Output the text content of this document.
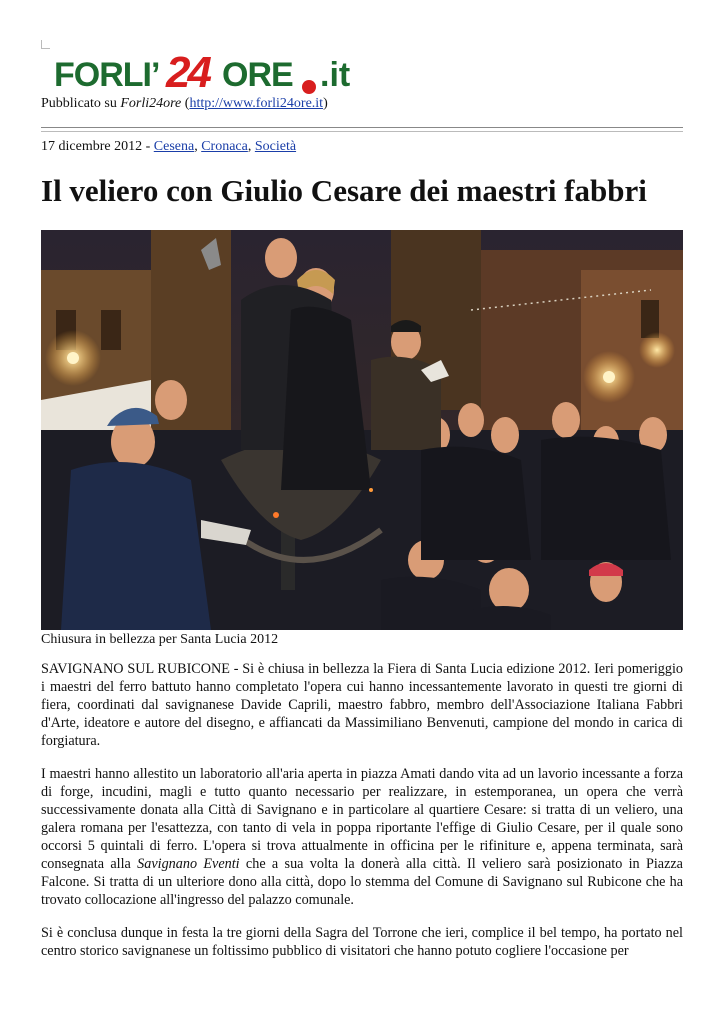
FORLI’ 24 ORE .it
Pubblicato su Forli24ore (http://www.forli24ore.it)
17 dicembre 2012 - Cesena, Cronaca, Società
Il veliero con Giulio Cesare dei maestri fabbri
Chiusura in bellezza per Santa Lucia 2012

SAVIGNANO SUL RUBICONE - Si è chiusa in bellezza la Fiera di Santa Lucia edizione 2012. Ieri pomeriggio i maestri del ferro battuto hanno completato l'opera cui hanno incessantemente lavorato in questi tre giorni di fiera, coordinati dal savignanese Davide Caprili, maestro fabbro, membro dell'Associazione Italiana Fabbri d'Arte, ideatore e autore del disegno, e affiancati da Massimiliano Benvenuti, campione del mondo in carica di forgiatura.

I maestri hanno allestito un laboratorio all'aria aperta in piazza Amati dando vita ad un lavorio incessante a forza di forge, incudini, magli e tutto quanto necessario per realizzare, in estemporanea, un opera che verrà successivamente donata alla Città di Savignano e in particolare al quartiere Cesare: si tratta di un veliero, una galera romana per l'esattezza, con tanto di vela in poppa riportante l'effige di Giulio Cesare, per il quale sono occorsi 5 quintali di ferro. L'opera si trova attualmente in officina per le rifiniture e, appena terminata, sarà consegnata alla Savignano Eventi che a sua volta la donerà alla città. Il veliero sarà posizionato in Piazza Falcone. Si tratta di un ulteriore dono alla città, dopo lo stemma del Comune di Savignano sul Rubicone che ha trovato collocazione all'ingresso del palazzo comunale.

Si è conclusa dunque in festa la tre giorni della Sagra del Torrone che ieri, complice il bel tempo, ha portato nel centro storico savignanese un foltissimo pubblico di visitatori che hanno potuto cogliere l'occasione per
